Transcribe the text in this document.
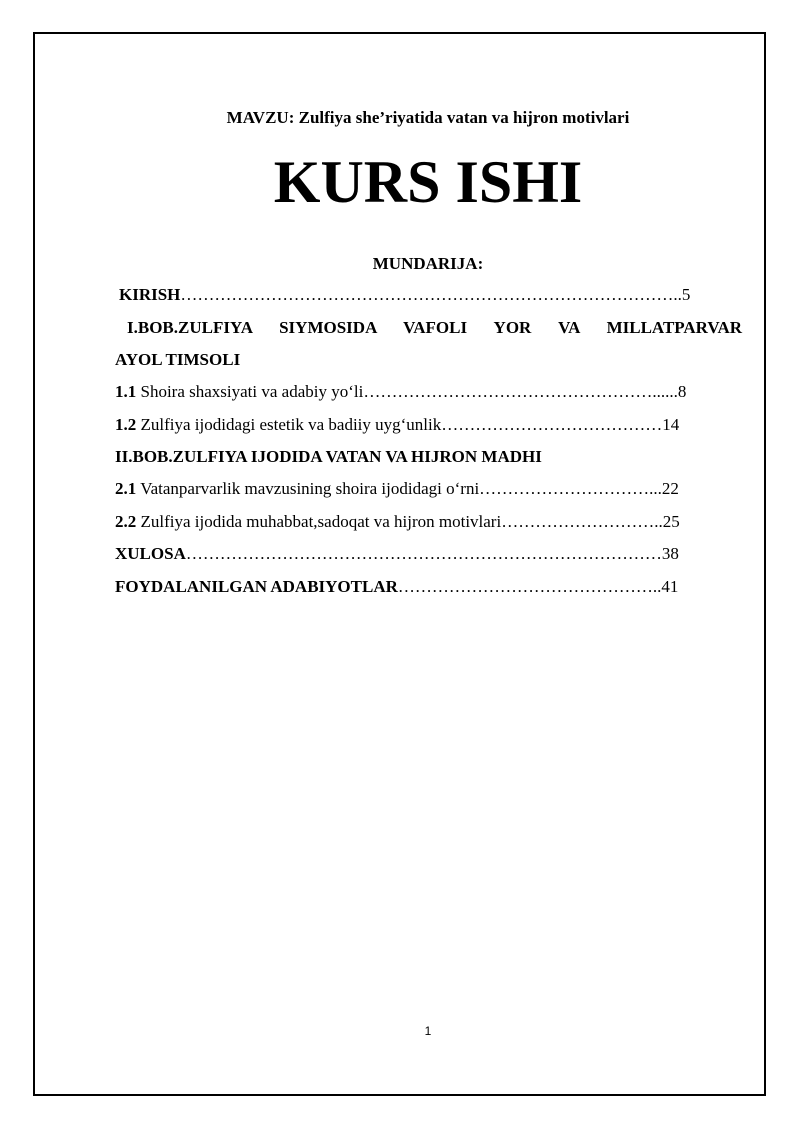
MAVZU: Zulfiya she’riyatida vatan va hijron motivlari
KURS ISHI
MUNDARIJA:
KIRISH……………………………………………………………………………..5
I.BOB.ZULFIYA SIYMOSIDA VAFOLI YOR VA MILLATPARVAR
AYOL TIMSOLI
1.1 Shoira shaxsiyati va adabiy yo‘li……………………………………………......8
1.2 Zulfiya ijodidagi estetik va badiiy uyg‘unlik…………………………………14
II.BOB.ZULFIYA IJODIDA VATAN VA HIJRON MADHI
2.1 Vatanparvarlik mavzusining shoira ijodidagi o‘rni…………………………...22
2.2 Zulfiya ijodida muhabbat,sadoqat va hijron motivlari………………………..25
XULOSA…………………………………………………………………………38
FOYDALANILGAN ADABIYOTLAR………………………………………..41
1
